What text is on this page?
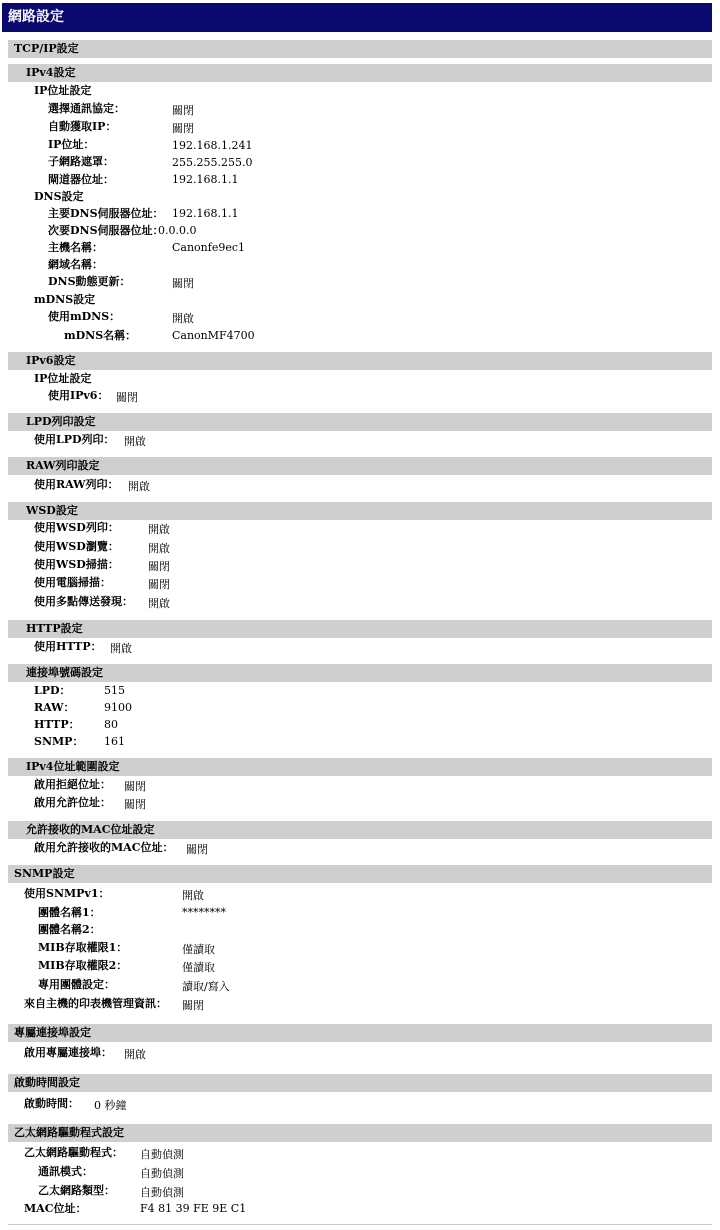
網路設定
TCP/IP設定
IPv4設定
IP位址設定
選擇通訊協定：	關閉
自動獲取IP：	關閉
IP位址：	192.168.1.241
子網路遮罩：	255.255.255.0
閘道器位址：	192.168.1.1
DNS設定
主要DNS伺服器位址： 192.168.1.1
次要DNS伺服器位址：
0.0.0.0
主機名稱：	Canonfe9ec1
網域名稱：
DNS動態更新：	關閉
mDNS設定
使用mDNS：	開啟
mDNS名稱：	CanonMF4700
IPv6設定
IP位址設定
使用IPv6： 關閉
LPD列印設定
使用LPD列印： 開啟
RAW列印設定
使用RAW列印： 開啟
WSD設定
使用WSD列印：	開啟
使用WSD瀏覽：	開啟
使用WSD掃描：	關閉
使用電腦掃描：	關閉
使用多點傳送發現： 開啟
HTTP設定
使用HTTP： 開啟
連接埠號碼設定
LPD：	515
RAW：	9100
HTTP： 80
SNMP： 161
IPv4位址範圍設定
啟用拒絕位址： 關閉
啟用允許位址： 關閉
允許接收的MAC位址設定
啟用允許接收的MAC位址： 關閉
SNMP設定
使用SNMPv1：	開啟
團體名稱1：	********
團體名稱2：
MIB存取權限1：	僅讀取
MIB存取權限2：	僅讀取
專用團體設定：	讀取/寫入
來自主機的印表機管理資訊： 關閉
專屬連接埠設定
啟用專屬連接埠： 開啟
啟動時間設定
啟動時間： 0 秒鐘
乙太網路驅動程式設定
乙太網路驅動程式： 自動偵測
通訊模式：	自動偵測
乙太網路類型： 自動偵測
MAC位址：	F4 81 39 FE 9E C1
